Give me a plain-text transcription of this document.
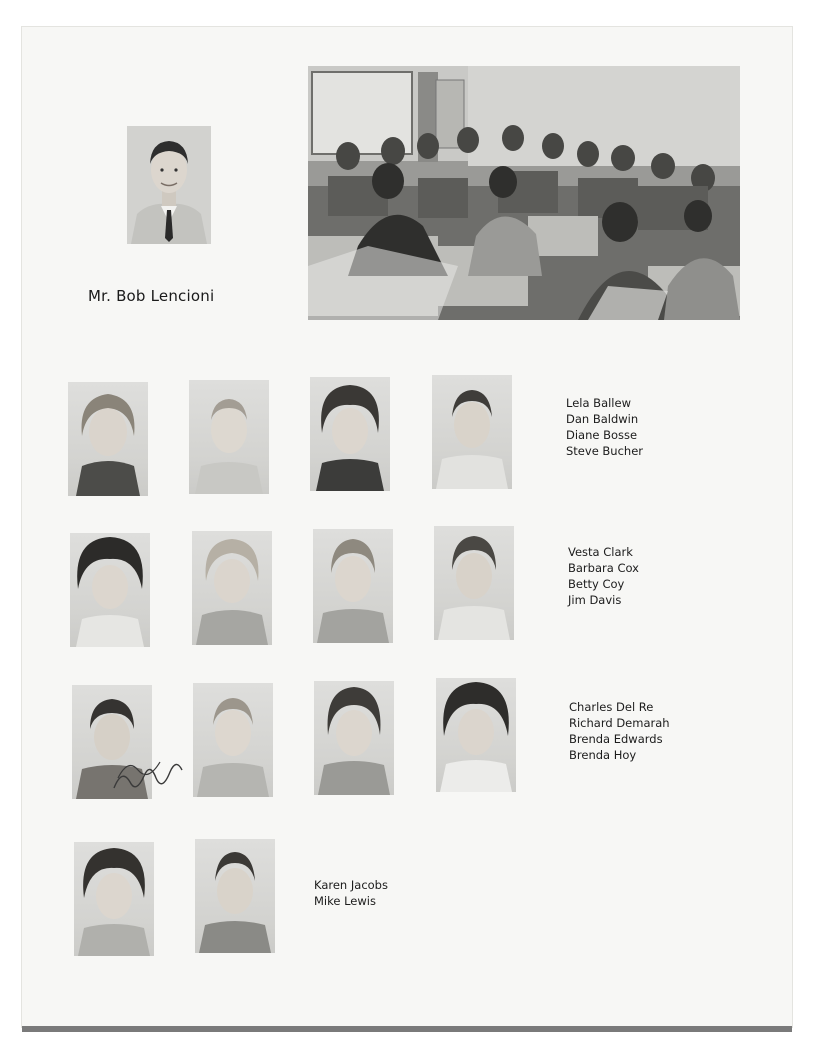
Mr. Bob Lencioni
Lela Ballew
Dan Baldwin
Diane Bosse
Steve Bucher
Vesta Clark
Barbara Cox
Betty Coy
Jim Davis
Charles Del Re
Richard Demarah
Brenda Edwards
Brenda Hoy
Karen Jacobs
Mike Lewis
